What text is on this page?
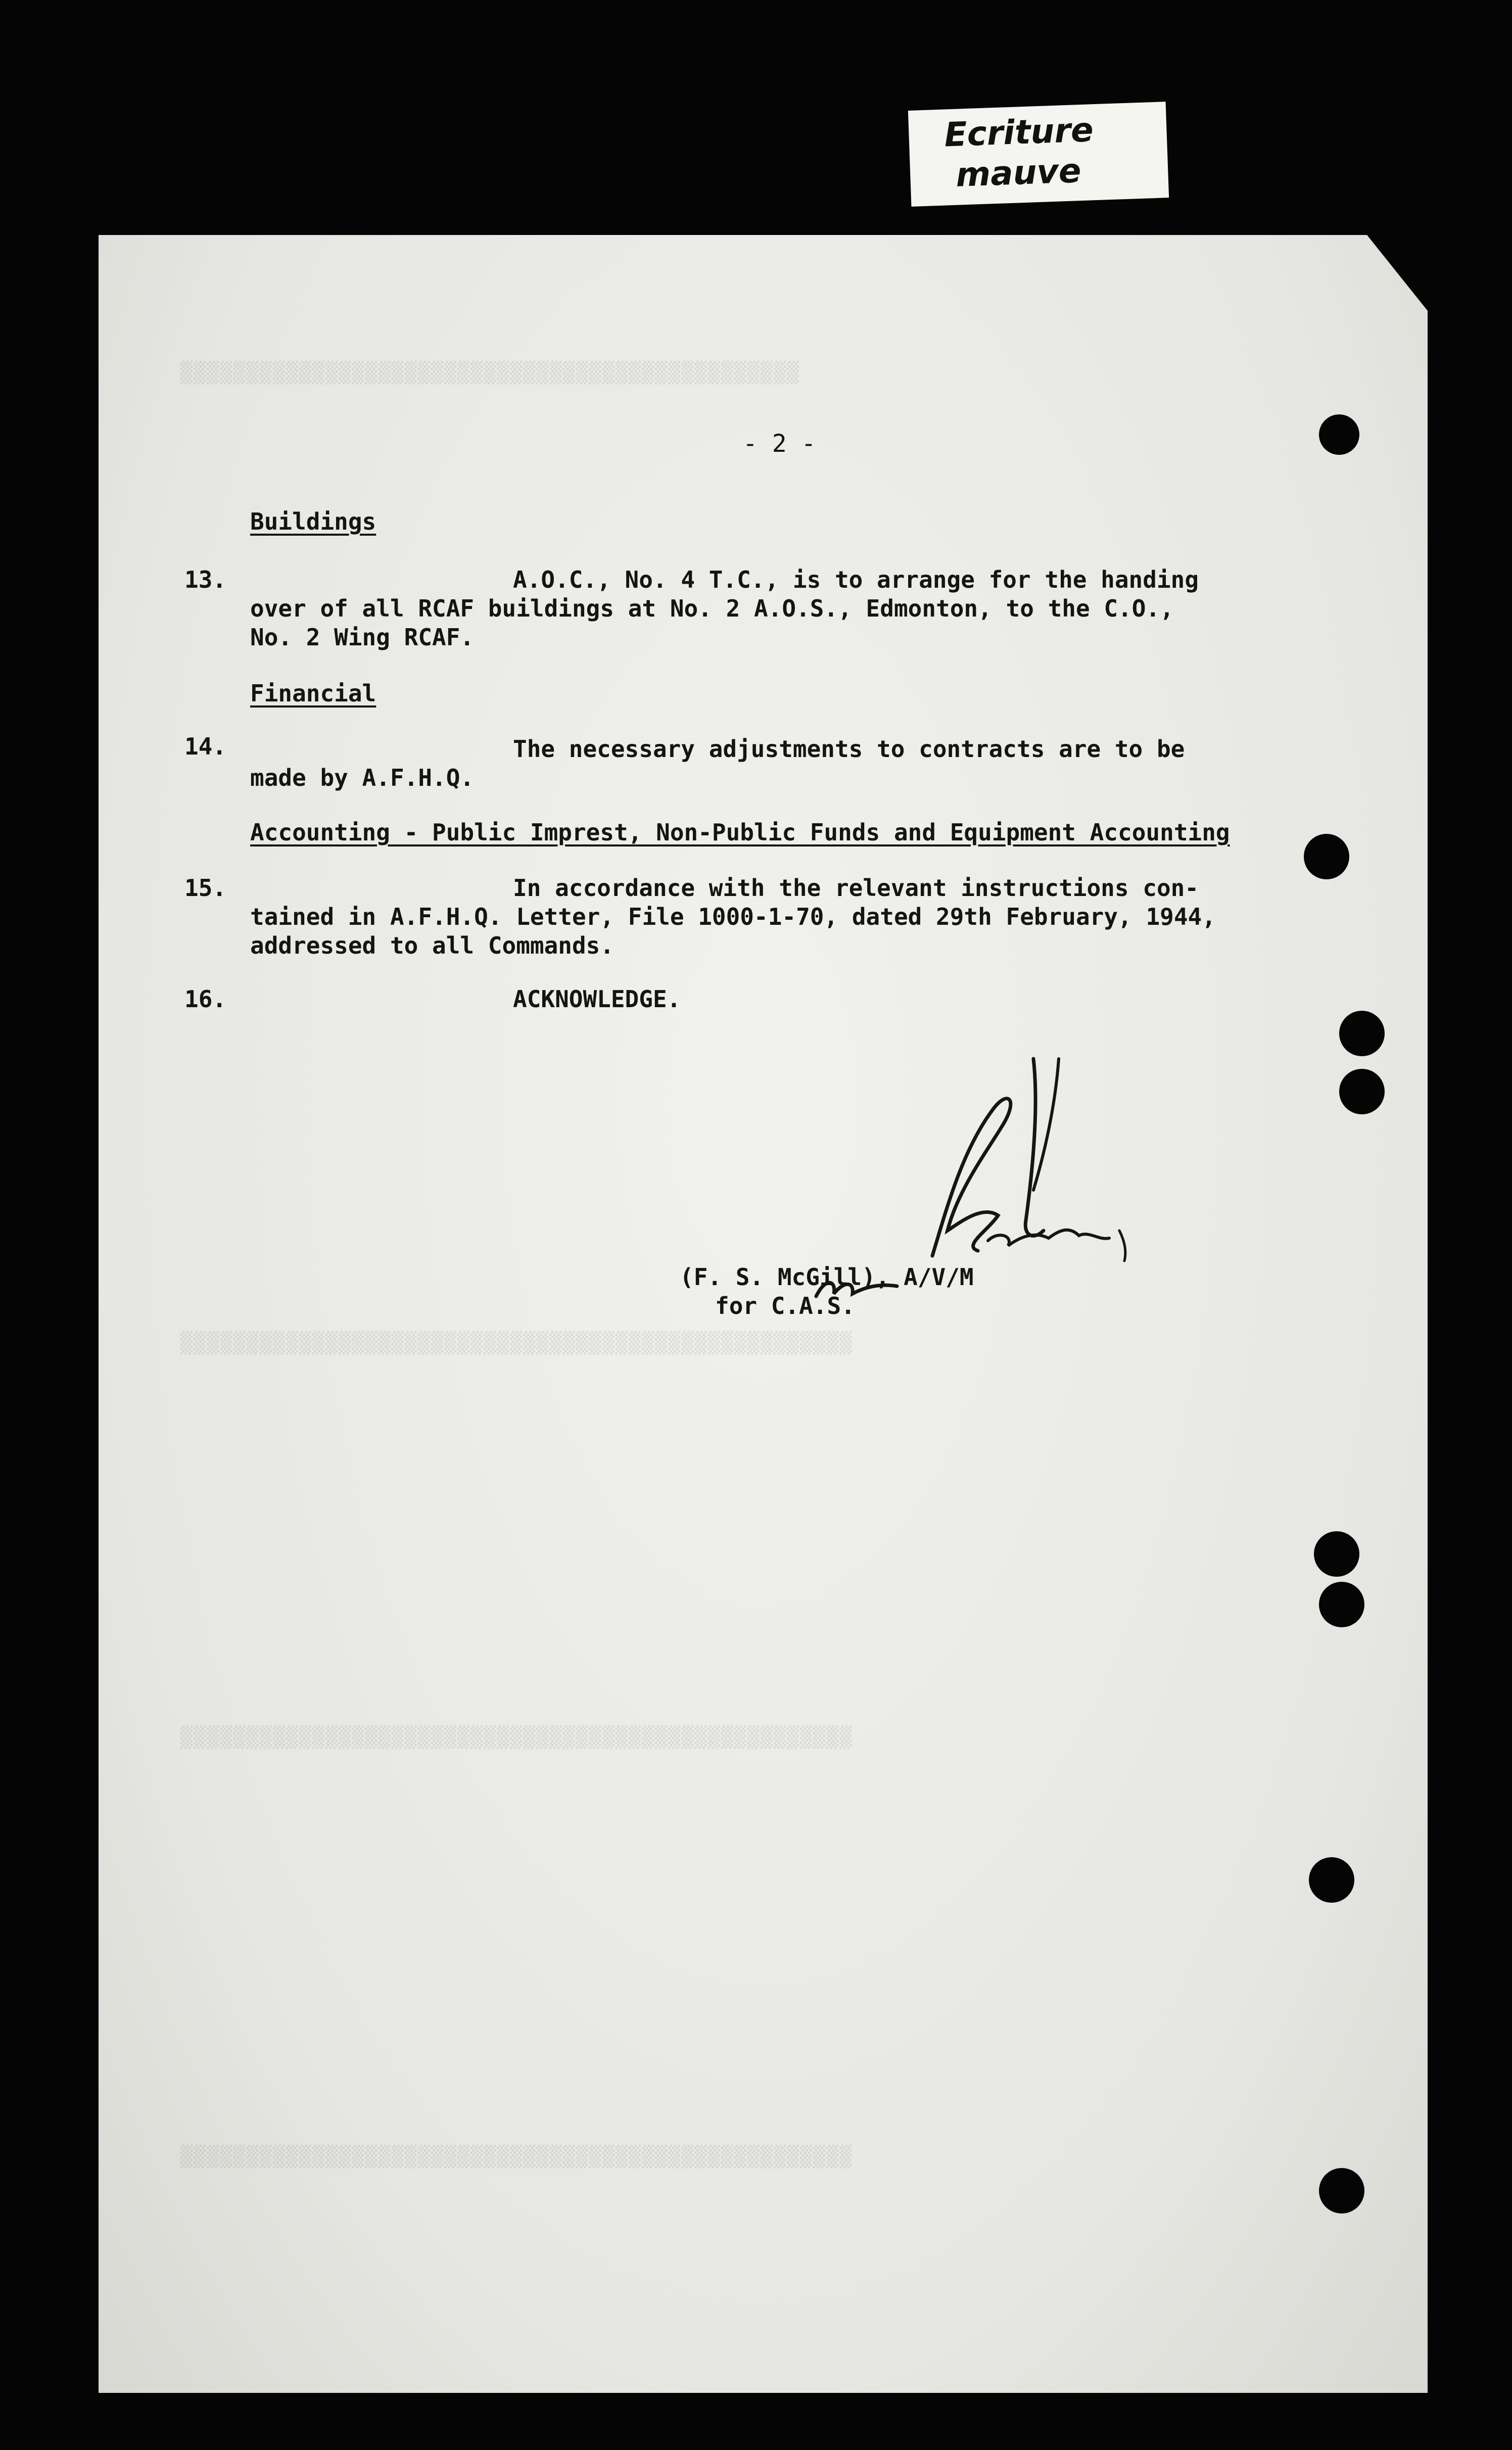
Ecriture
mauve
▒▒▒▒▒▒▒▒▒▒▒▒▒▒▒▒▒▒▒▒▒▒▒▒▒▒▒▒▒▒▒▒▒▒▒▒▒▒▒▒▒▒▒▒▒▒▒
▒▒▒▒▒▒▒▒▒▒▒▒▒▒▒▒▒▒▒▒▒▒▒▒▒▒▒▒▒▒▒▒▒▒▒▒▒▒▒▒▒▒▒▒▒▒▒▒▒▒▒
▒▒▒▒▒▒▒▒▒▒▒▒▒▒▒▒▒▒▒▒▒▒▒▒▒▒▒▒▒▒▒▒▒▒▒▒▒▒▒▒▒▒▒▒▒▒▒▒▒▒▒
▒▒▒▒▒▒▒▒▒▒▒▒▒▒▒▒▒▒▒▒▒▒▒▒▒▒▒▒▒▒▒▒▒▒▒▒▒▒▒▒▒▒▒▒▒▒▒▒▒▒▒
- 2 -
Buildings
13.	A.O.C., No. 4 T.C., is to arrange for the handing
over of all RCAF buildings at No. 2 A.O.S., Edmonton, to the C.O.,
No. 2 Wing RCAF.
Financial
14.	The necessary adjustments to contracts are to be
made by A.F.H.Q.
Accounting - Public Imprest, Non-Public Funds and Equipment Accounting
15.	In accordance with the relevant instructions con-
tained in A.F.H.Q. Letter, File 1000-1-70, dated 29th February, 1944,
addressed to all Commands.
16.	ACKNOWLEDGE.
(F. S. McGill), A/V/M
for C.A.S.
